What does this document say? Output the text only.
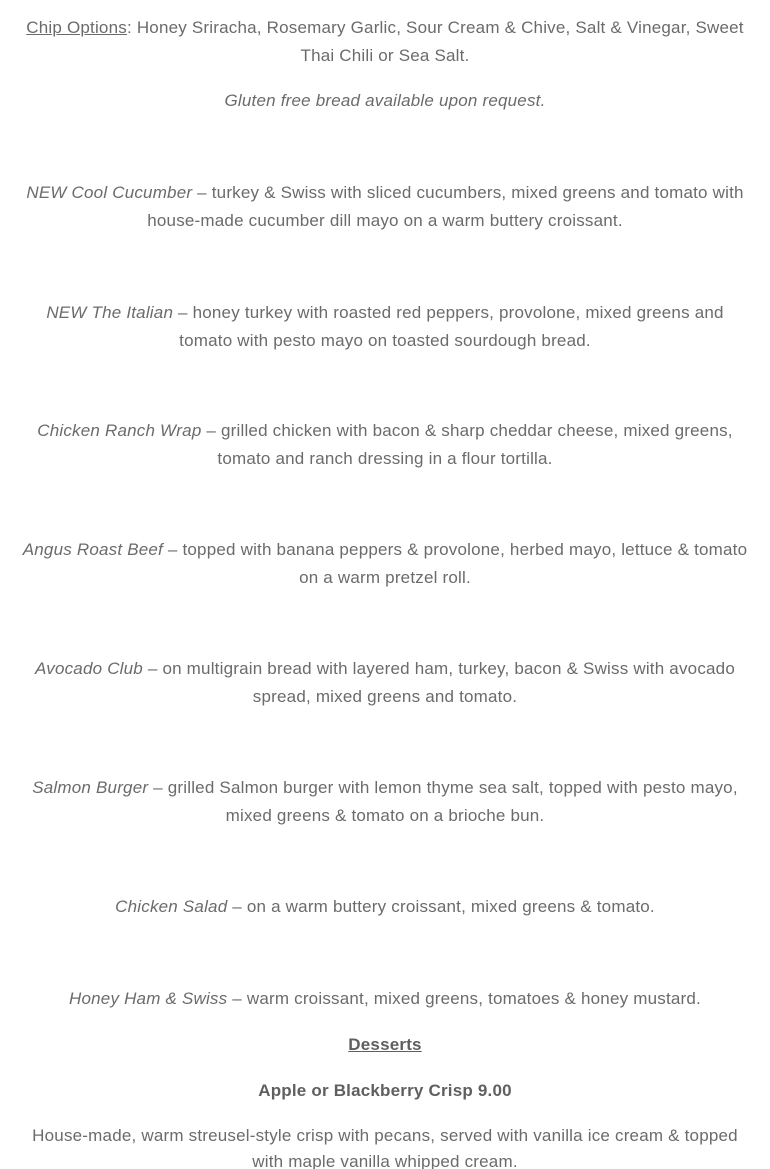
Chip Options: Honey Sriracha, Rosemary Garlic, Sour Cream & Chive, Salt & Vinegar, Sweet Thai Chili or Sea Salt.

Gluten free bread available upon request.

NEW Cool Cucumber – turkey & Swiss with sliced cucumbers, mixed greens and tomato with house-made cucumber dill mayo on a warm buttery croissant.

NEW The Italian – honey turkey with roasted red peppers, provolone, mixed greens and tomato with pesto mayo on toasted sourdough bread.

Chicken Ranch Wrap – grilled chicken with bacon & sharp cheddar cheese, mixed greens, tomato and ranch dressing in a flour tortilla.

Angus Roast Beef – topped with banana peppers & provolone, herbed mayo, lettuce & tomato on a warm pretzel roll.

Avocado Club – on multigrain bread with layered ham, turkey, bacon & Swiss with avocado spread, mixed greens and tomato.

Salmon Burger – grilled Salmon burger with lemon thyme sea salt, topped with pesto mayo, mixed greens & tomato on a brioche bun.

Chicken Salad – on a warm buttery croissant, mixed greens & tomato.

Honey Ham & Swiss – warm croissant, mixed greens, tomatoes & honey mustard.

Desserts

Apple or Blackberry Crisp 9.00

House-made, warm streusel-style crisp with pecans, served with vanilla ice cream & topped with maple vanilla whipped cream.
